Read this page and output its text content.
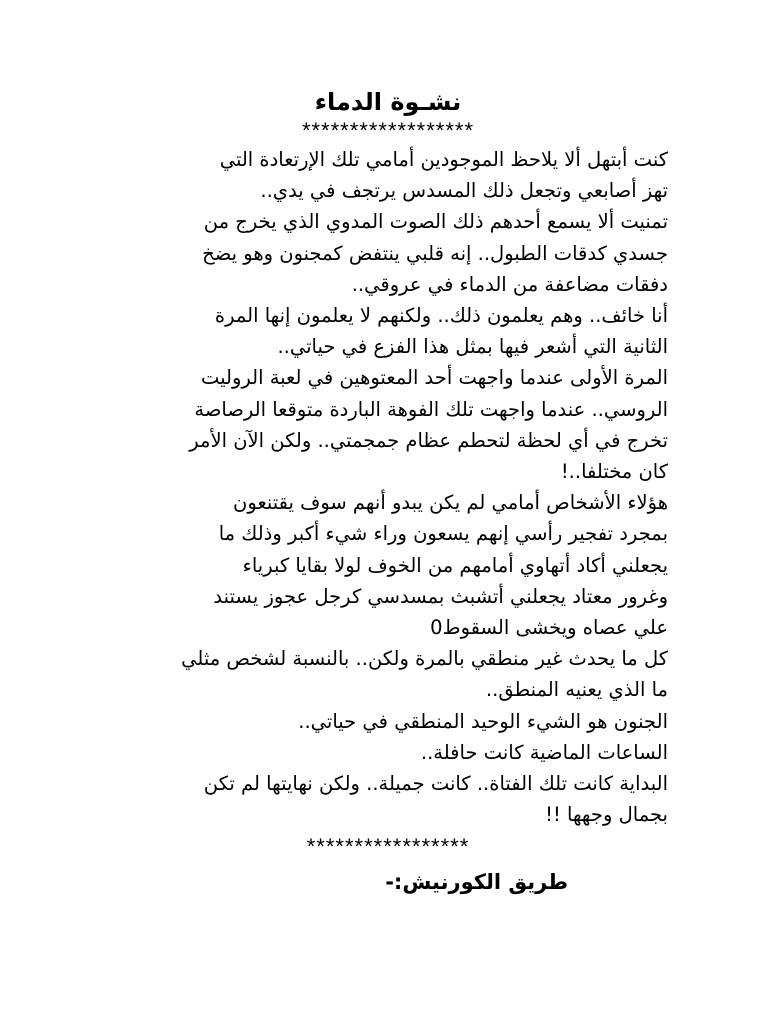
نشـوة الدماء

******************

كنت أبتهل ألا يلاحظ الموجودين أمامي تلك الإرتعادة التي
تهز أصابعي وتجعل ذلك المسدس يرتجف في يدي..
تمنيت ألا يسمع أحدهم ذلك الصوت المدوي الذي يخرج من
جسدي كدقات الطبول.. إنه قلبي ينتفض كمجنون وهو يضخ
دفقات مضاعفة من الدماء في عروقي..
أنا خائف.. وهم يعلمون ذلك.. ولكنهم لا يعلمون إنها المرة
الثانية التي أشعر فيها بمثل هذا الفزع في حياتي..
المرة الأولى عندما واجهت أحد المعتوهين في لعبة الروليت
الروسي.. عندما واجهت تلك الفوهة الباردة متوقعا الرصاصة
تخرج في أي لحظة لتحطم عظام جمجمتي.. ولكن الآن الأمر
كان مختلفا..!
هؤلاء الأشخاص أمامي لم يكن يبدو أنهم سوف يقتنعون
بمجرد تفجير رأسي إنهم يسعون وراء شيء أكبر وذلك ما
يجعلني أكاد أتهاوي أمامهم من الخوف لولا بقايا كبرياء
وغرور معتاد يجعلني أتشبث بمسدسي كرجل عجوز يستند
علي عصاه ويخشى السقوط0
كل ما يحدث غير منطقي بالمرة ولكن.. بالنسبة لشخص مثلي
ما الذي يعنيه المنطق..
الجنون هو الشيء الوحيد المنطقي في حياتي..
الساعات الماضية كانت حافلة..
البداية كانت تلك الفتاة.. كانت جميلة.. ولكن نهايتها لم تكن
بجمال وجهها !!

*****************

طريق الكورنيش:-
